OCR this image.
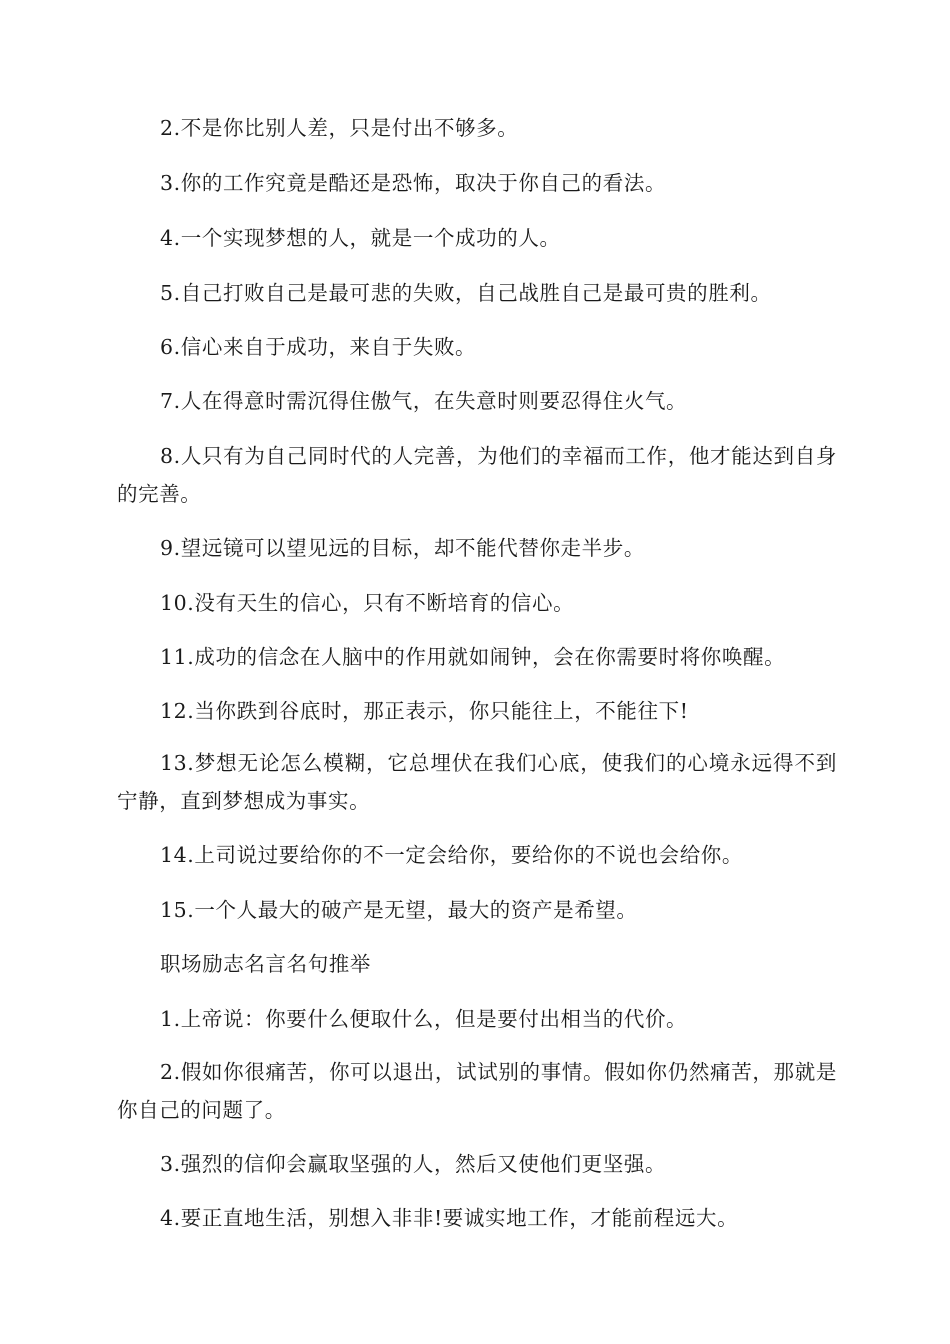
2.不是你比别人差，只是付出不够多。

3.你的工作究竟是酷还是恐怖，取决于你自己的看法。

4.一个实现梦想的人，就是一个成功的人。

5.自己打败自己是最可悲的失败，自己战胜自己是最可贵的胜利。

6.信心来自于成功，来自于失败。

7.人在得意时需沉得住傲气，在失意时则要忍得住火气。

8.人只有为自己同时代的人完善，为他们的幸福而工作，他才能达到自身的完善。

9.望远镜可以望见远的目标，却不能代替你走半步。

10.没有天生的信心，只有不断培育的信心。

11.成功的信念在人脑中的作用就如闹钟，会在你需要时将你唤醒。

12.当你跌到谷底时，那正表示，你只能往上，不能往下!

13.梦想无论怎么模糊，它总埋伏在我们心底，使我们的心境永远得不到宁静，直到梦想成为事实。

14.上司说过要给你的不一定会给你，要给你的不说也会给你。

15.一个人最大的破产是无望，最大的资产是希望。

职场励志名言名句推举

1.上帝说：你要什么便取什么，但是要付出相当的代价。

2.假如你很痛苦，你可以退出，试试别的事情。假如你仍然痛苦，那就是你自己的问题了。

3.强烈的信仰会赢取坚强的人，然后又使他们更坚强。

4.要正直地生活，别想入非非!要诚实地工作，才能前程远大。
